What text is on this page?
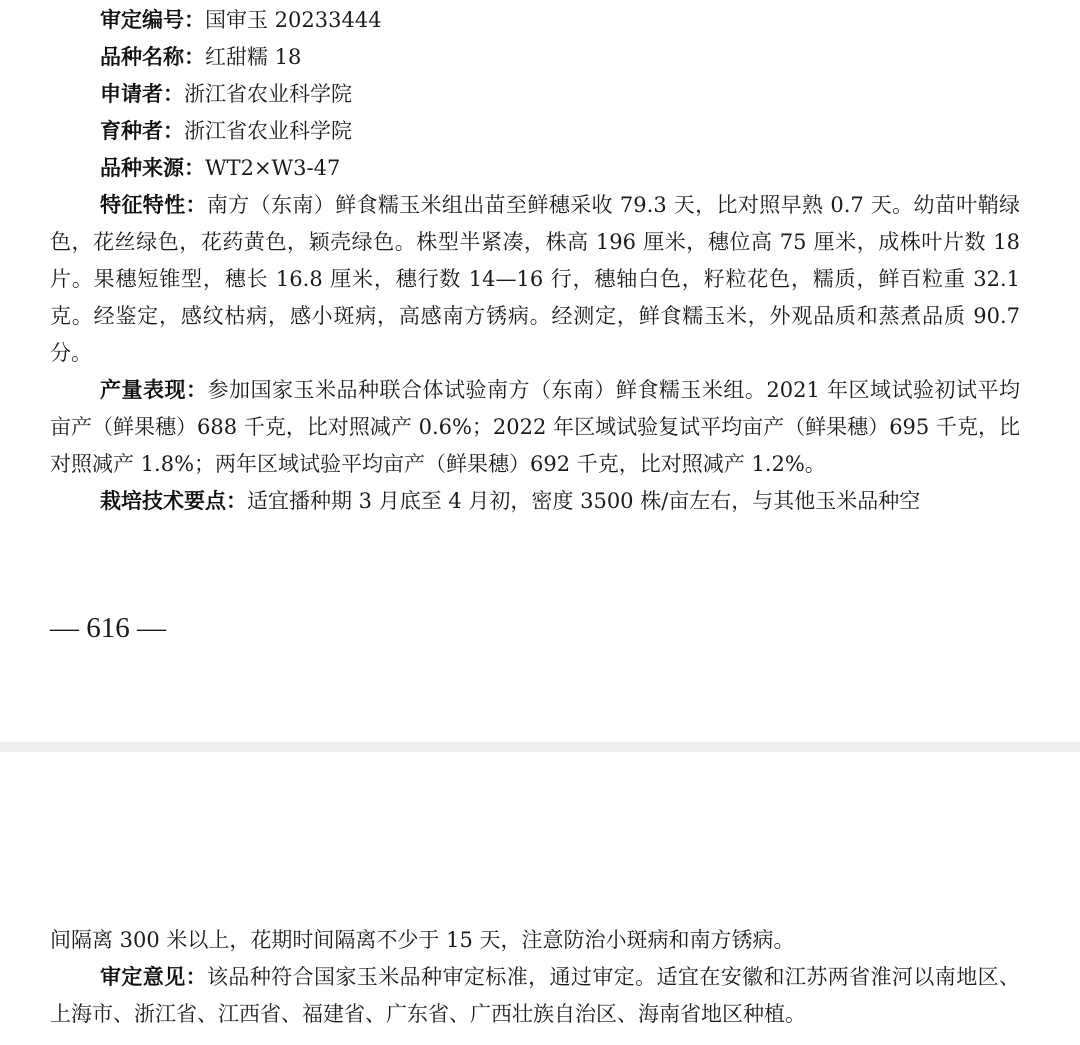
审定编号：国审玉 20233444

品种名称：红甜糯 18

申请者：浙江省农业科学院

育种者：浙江省农业科学院

品种来源：WT2×W3-47

特征特性：南方（东南）鲜食糯玉米组出苗至鲜穗采收 79.3 天，比对照早熟 0.7 天。幼苗叶鞘绿色，花丝绿色，花药黄色，颖壳绿色。株型半紧凑，株高 196 厘米，穗位高 75 厘米，成株叶片数 18 片。果穗短锥型，穗长 16.8 厘米，穗行数 14—16 行，穗轴白色，籽粒花色，糯质，鲜百粒重 32.1 克。经鉴定，感纹枯病，感小斑病，高感南方锈病。经测定，鲜食糯玉米，外观品质和蒸煮品质 90.7 分。

产量表现：参加国家玉米品种联合体试验南方（东南）鲜食糯玉米组。2021 年区域试验初试平均亩产（鲜果穗）688 千克，比对照减产 0.6%；2022 年区域试验复试平均亩产（鲜果穗）695 千克，比对照减产 1.8%；两年区域试验平均亩产（鲜果穗）692 千克，比对照减产 1.2%。

栽培技术要点：适宜播种期 3 月底至 4 月初，密度 3500 株/亩左右，与其他玉米品种空

— 616 —

间隔离 300 米以上，花期时间隔离不少于 15 天，注意防治小斑病和南方锈病。

审定意见：该品种符合国家玉米品种审定标准，通过审定。适宜在安徽和江苏两省淮河以南地区、上海市、浙江省、江西省、福建省、广东省、广西壮族自治区、海南省地区种植。
